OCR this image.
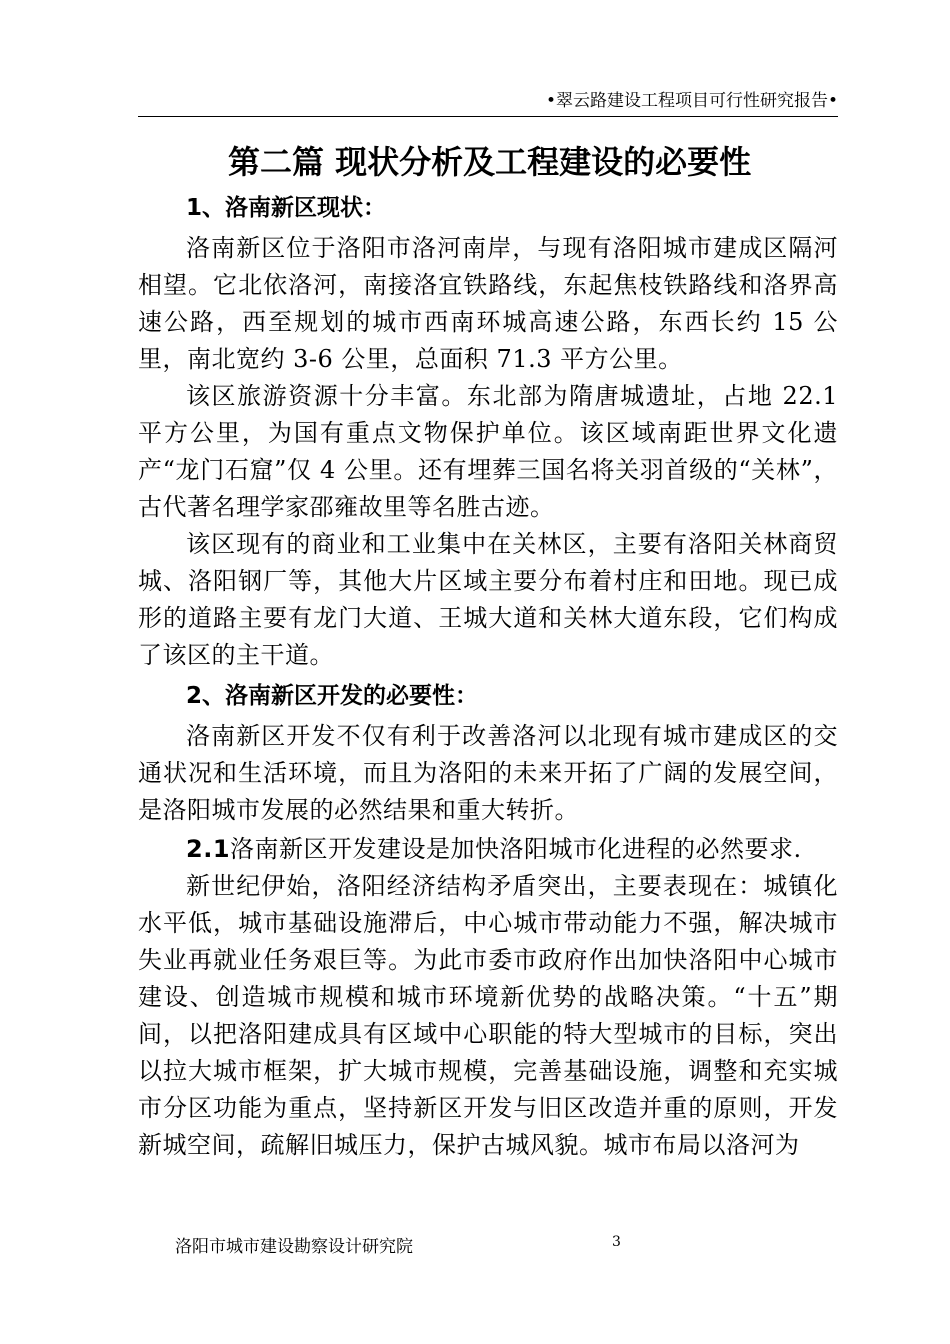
•翠云路建设工程项目可行性研究报告•
第二篇 现状分析及工程建设的必要性
1、洛南新区现状：

洛南新区位于洛阳市洛河南岸，与现有洛阳城市建成区隔河相望。它北依洛河，南接洛宜铁路线，东起焦枝铁路线和洛界高速公路，西至规划的城市西南环城高速公路，东西长约 15 公里，南北宽约 3-6 公里，总面积 71.3 平方公里。

该区旅游资源十分丰富。东北部为隋唐城遗址，占地 22.1 平方公里，为国有重点文物保护单位。该区域南距世界文化遗产“龙门石窟”仅 4 公里。还有埋葬三国名将关羽首级的“关林”，古代著名理学家邵雍故里等名胜古迹。

该区现有的商业和工业集中在关林区，主要有洛阳关林商贸城、洛阳钢厂等，其他大片区域主要分布着村庄和田地。现已成形的道路主要有龙门大道、王城大道和关林大道东段，它们构成了该区的主干道。

2、洛南新区开发的必要性：

洛南新区开发不仅有利于改善洛河以北现有城市建成区的交通状况和生活环境，而且为洛阳的未来开拓了广阔的发展空间，是洛阳城市发展的必然结果和重大转折。

2.1洛南新区开发建设是加快洛阳城市化进程的必然要求.

新世纪伊始，洛阳经济结构矛盾突出，主要表现在：城镇化水平低，城市基础设施滞后，中心城市带动能力不强，解决城市失业再就业任务艰巨等。为此市委市政府作出加快洛阳中心城市建设、创造城市规模和城市环境新优势的战略决策。“十五”期间，以把洛阳建成具有区域中心职能的特大型城市的目标，突出以拉大城市框架，扩大城市规模，完善基础设施，调整和充实城市分区功能为重点，坚持新区开发与旧区改造并重的原则，开发新城空间，疏解旧城压力，保护古城风貌。城市布局以洛河为

洛阳市城市建设勘察设计研究院	3
